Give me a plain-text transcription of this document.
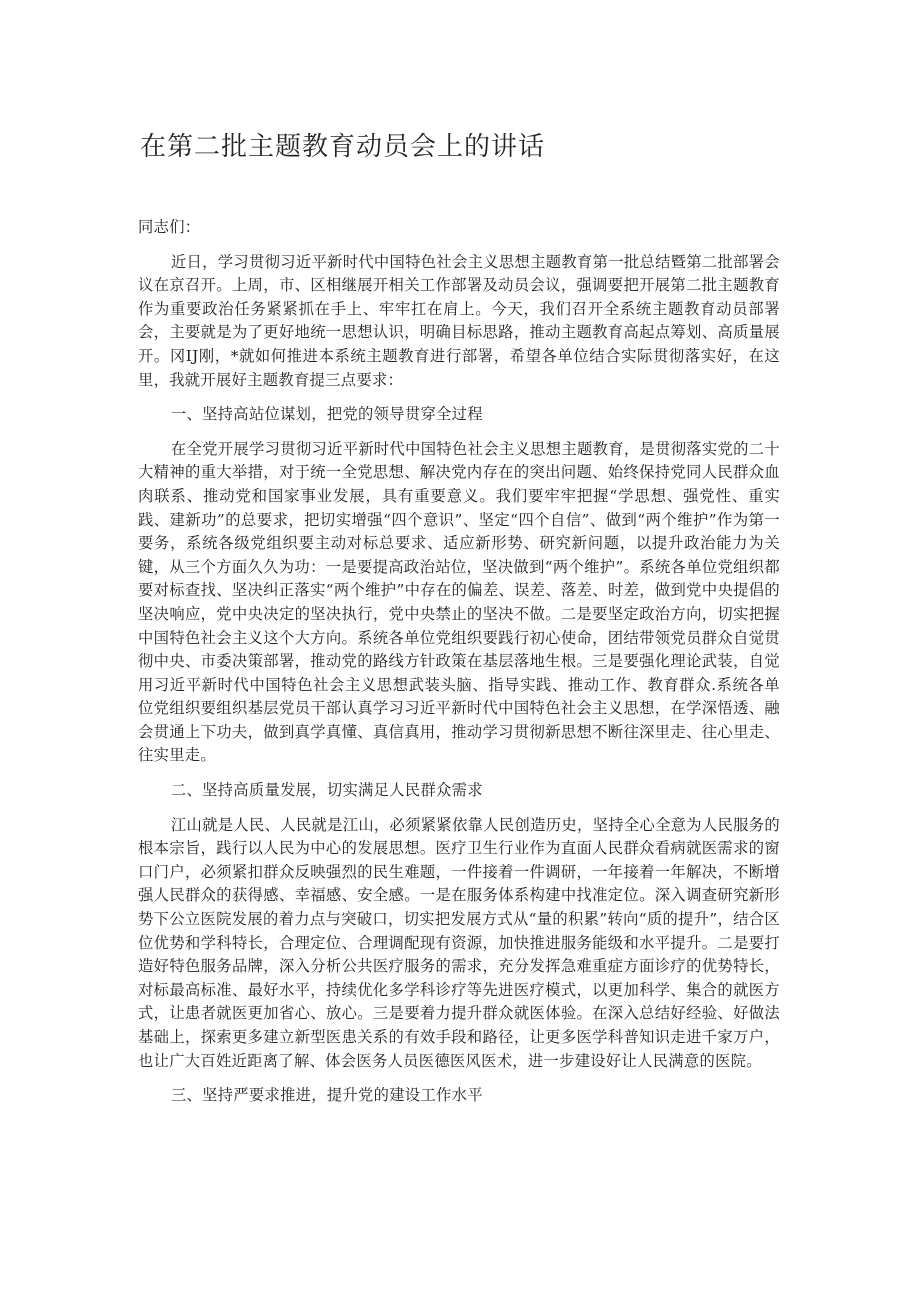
在第二批主题教育动员会上的讲话

同志们：

近日，学习贯彻习近平新时代中国特色社会主义思想主题教育第一批总结暨第二批部署会议在京召开。上周，市、区相继展开相关工作部署及动员会议，强调要把开展第二批主题教育作为重要政治任务紧紧抓在手上、牢牢扛在肩上。今天，我们召开全系统主题教育动员部署会，主要就是为了更好地统一思想认识，明确目标思路，推动主题教育高起点筹划、高质量展开。冈IJ刚，*就如何推进本系统主题教育进行部署，希望各单位结合实际贯彻落实好，在这里，我就开展好主题教育提三点要求：

一、坚持高站位谋划，把党的领导贯穿全过程

在全党开展学习贯彻习近平新时代中国特色社会主义思想主题教育，是贯彻落实党的二十大精神的重大举措，对于统一全党思想、解决党内存在的突出问题、始终保持党同人民群众血肉联系、推动党和国家事业发展，具有重要意义。我们要牢牢把握“学思想、强党性、重实践、建新功”的总要求，把切实增强“四个意识”、坚定“四个自信”、做到“两个维护”作为第一要务，系统各级党组织要主动对标总要求、适应新形势、研究新问题，以提升政治能力为关键，从三个方面久久为功：一是要提高政治站位，坚决做到“两个维护”。系统各单位党组织都要对标查找、坚决纠正落实“两个维护”中存在的偏差、误差、落差、时差，做到党中央提倡的坚决响应，党中央决定的坚决执行，党中央禁止的坚决不做。二是要坚定政治方向，切实把握中国特色社会主义这个大方向。系统各单位党组织要践行初心使命，团结带领党员群众自觉贯彻中央、市委决策部署，推动党的路线方针政策在基层落地生根。三是要强化理论武装，自觉用习近平新时代中国特色社会主义思想武装头脑、指导实践、推动工作、教育群众.系统各单位党组织要组织基层党员干部认真学习习近平新时代中国特色社会主义思想，在学深悟透、融会贯通上下功夫，做到真学真懂、真信真用，推动学习贯彻新思想不断往深里走、往心里走、往实里走。

二、坚持高质量发展，切实满足人民群众需求

江山就是人民、人民就是江山，必须紧紧依靠人民创造历史，坚持全心全意为人民服务的根本宗旨，践行以人民为中心的发展思想。医疗卫生行业作为直面人民群众看病就医需求的窗口门户，必须紧扣群众反映强烈的民生难题，一件接着一件调研，一年接着一年解决，不断增强人民群众的获得感、幸福感、安全感。一是在服务体系构建中找准定位。深入调查研究新形势下公立医院发展的着力点与突破口，切实把发展方式从“量的积累”转向“质的提升”，结合区位优势和学科特长，合理定位、合理调配现有资源，加快推进服务能级和水平提升。二是要打造好特色服务品牌，深入分析公共医疗服务的需求，充分发挥急难重症方面诊疗的优势特长，对标最高标准、最好水平，持续优化多学科诊疗等先进医疗模式，以更加科学、集合的就医方式，让患者就医更加省心、放心。三是要着力提升群众就医体验。在深入总结好经验、好做法基础上，探索更多建立新型医患关系的有效手段和路径，让更多医学科普知识走进千家万户，也让广大百姓近距离了解、体会医务人员医德医风医术，进一步建设好让人民满意的医院。

三、坚持严要求推进，提升党的建设工作水平
